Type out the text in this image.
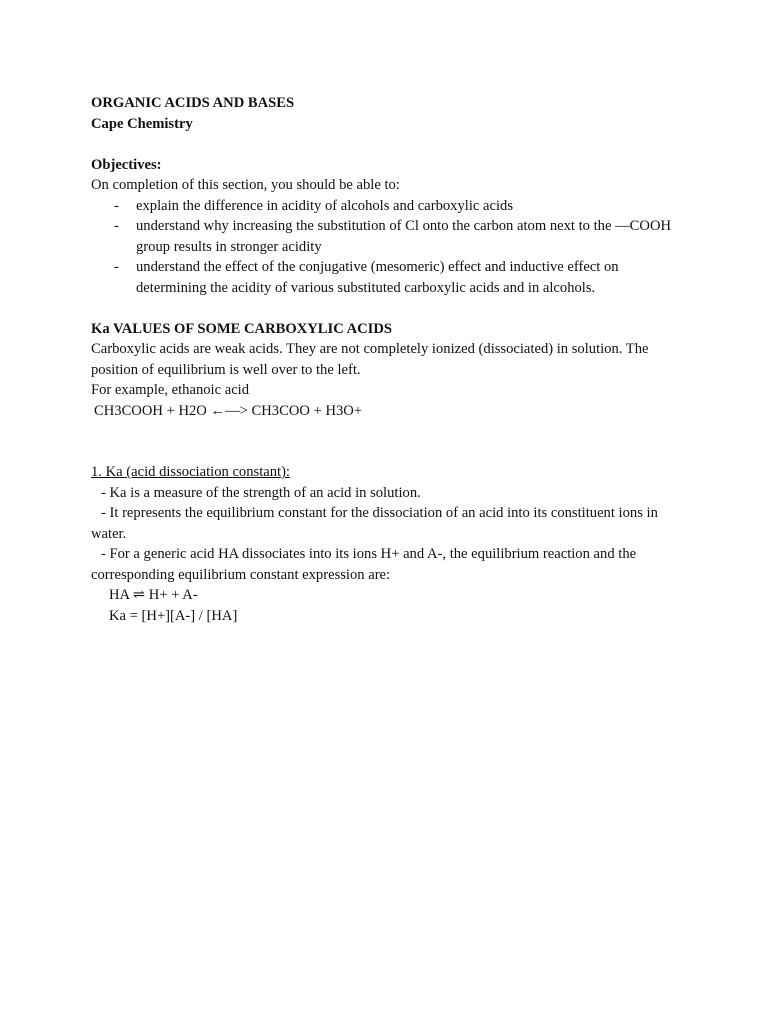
ORGANIC ACIDS AND BASES
Cape Chemistry
Objectives:
On completion of this section, you should be able to:
- explain the difference in acidity of alcohols and carboxylic acids
- understand why increasing the substitution of Cl onto the carbon atom next to the —COOH group results in stronger acidity
- understand the effect of the conjugative (mesomeric) effect and inductive effect on determining the acidity of various substituted carboxylic acids and in alcohols.
Ka VALUES OF SOME CARBOXYLIC ACIDS
Carboxylic acids are weak acids. They are not completely ionized (dissociated) in solution. The position of equilibrium is well over to the left.
For example, ethanoic acid
CH3COOH + H2O ←—> CH3COO + H3O+
1. Ka (acid dissociation constant):
- Ka is a measure of the strength of an acid in solution.
- It represents the equilibrium constant for the dissociation of an acid into its constituent ions in water.
- For a generic acid HA dissociates into its ions H+ and A-, the equilibrium reaction and the corresponding equilibrium constant expression are:
HA ⇌ H+ + A-
Ka = [H+][A-] / [HA]
